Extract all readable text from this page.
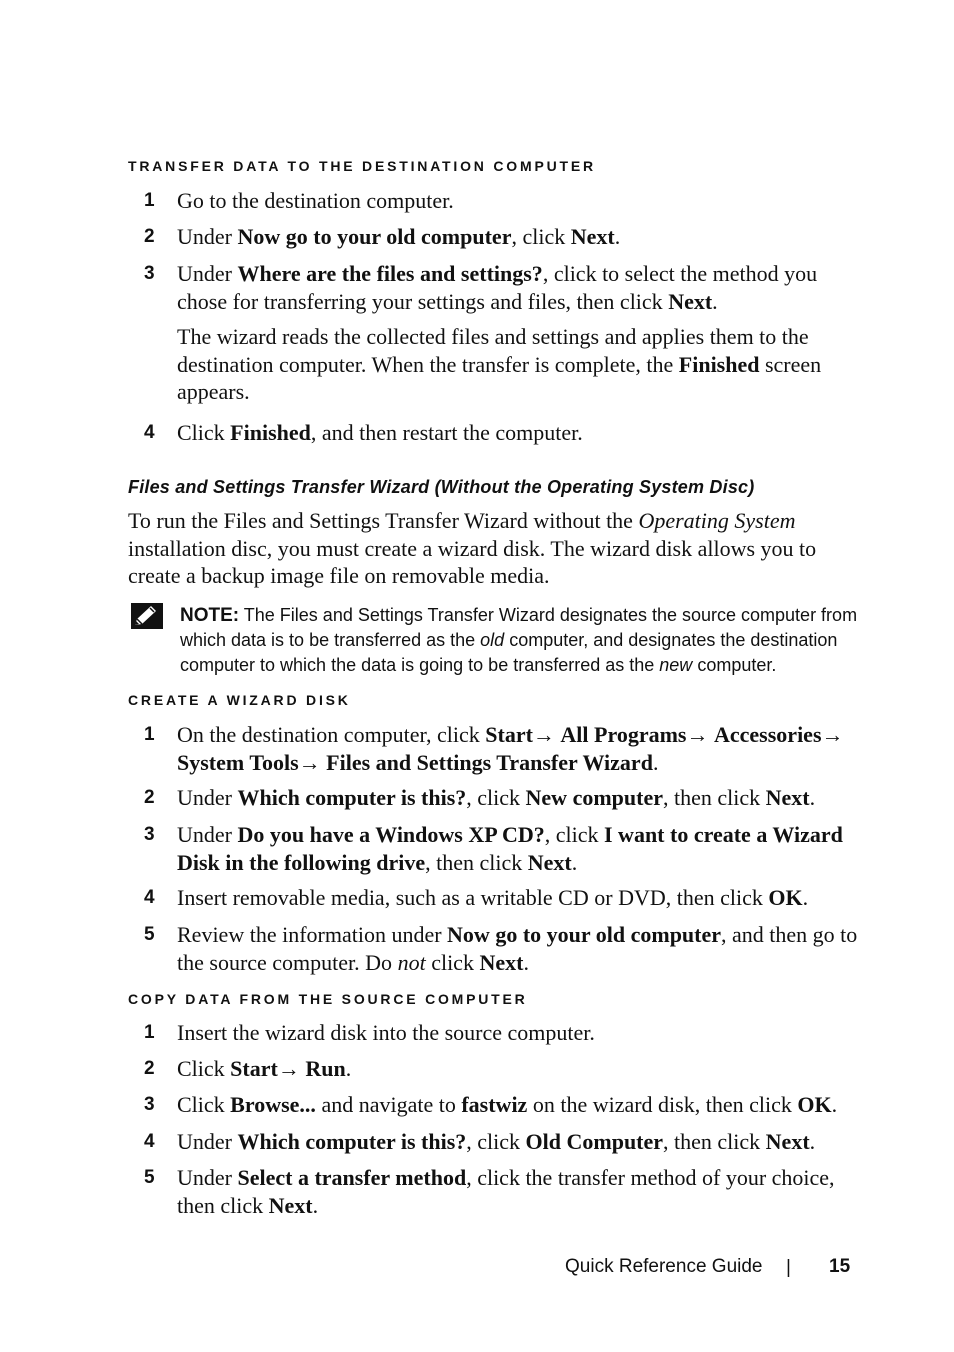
TRANSFER DATA TO THE DESTINATION COMPUTER
1	Go to the destination computer.
2	Under Now go to your old computer, click Next.
3	Under Where are the files and settings?, click to select the method you chose for transferring your settings and files, then click Next.
The wizard reads the collected files and settings and applies them to the destination computer. When the transfer is complete, the Finished screen appears.
4	Click Finished, and then restart the computer.
Files and Settings Transfer Wizard (Without the Operating System Disc)
To run the Files and Settings Transfer Wizard without the Operating System installation disc, you must create a wizard disk. The wizard disk allows you to create a backup image file on removable media.
NOTE: The Files and Settings Transfer Wizard designates the source computer from which data is to be transferred as the old computer, and designates the destination computer to which the data is going to be transferred as the new computer.
CREATE A WIZARD DISK
1	On the destination computer, click Start→ All Programs→ Accessories→ System Tools→ Files and Settings Transfer Wizard.
2	Under Which computer is this?, click New computer, then click Next.
3	Under Do you have a Windows XP CD?, click I want to create a Wizard Disk in the following drive, then click Next.
4	Insert removable media, such as a writable CD or DVD, then click OK.
5	Review the information under Now go to your old computer, and then go to the source computer. Do not click Next.
COPY DATA FROM THE SOURCE COMPUTER
1	Insert the wizard disk into the source computer.
2	Click Start→ Run.
3	Click Browse... and navigate to fastwiz on the wizard disk, then click OK.
4	Under Which computer is this?, click Old Computer, then click Next.
5	Under Select a transfer method, click the transfer method of your choice, then click Next.
Quick Reference Guide | 15
